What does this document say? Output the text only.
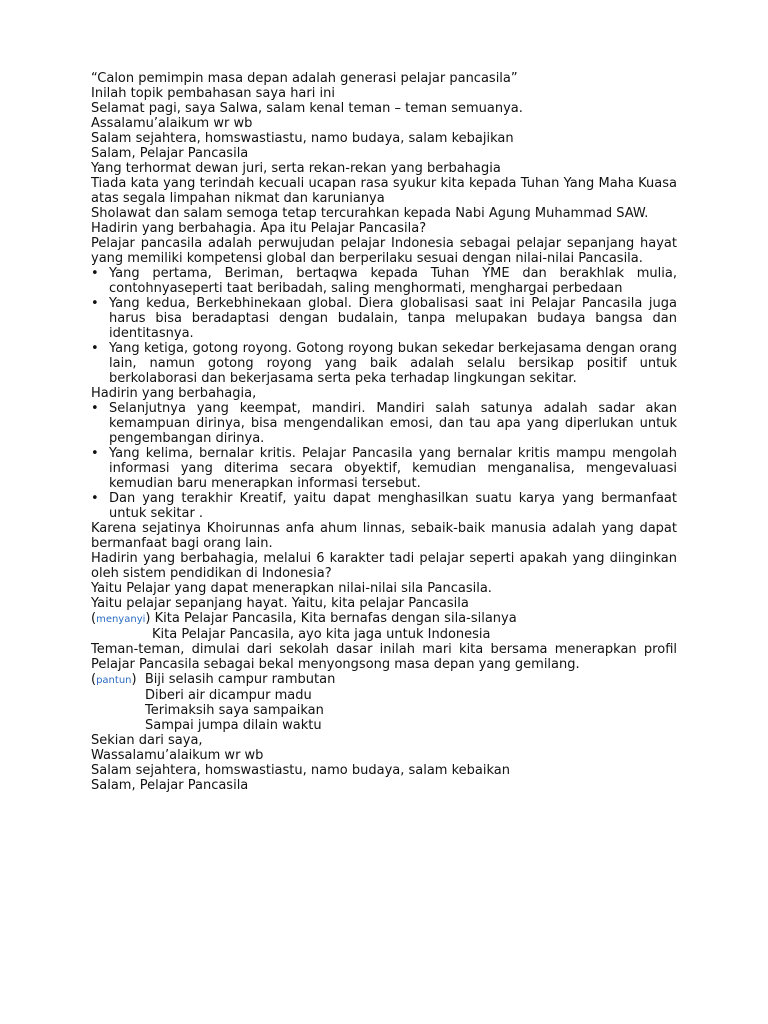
“Calon pemimpin masa depan adalah generasi pelajar pancasila”

Inilah topik pembahasan saya hari ini

Selamat pagi, saya Salwa, salam kenal teman – teman semuanya.

Assalamu’alaikum wr wb

Salam sejahtera, homswastiastu, namo budaya, salam kebajikan

Salam, Pelajar Pancasila

Yang terhormat dewan juri, serta rekan-rekan yang berbahagia

Tiada kata yang terindah kecuali ucapan rasa syukur kita kepada Tuhan Yang Maha Kuasa atas segala limpahan nikmat dan karunianya

Sholawat dan salam semoga tetap tercurahkan kepada Nabi Agung Muhammad SAW.

Hadirin yang berbahagia. Apa itu Pelajar Pancasila?

Pelajar pancasila adalah perwujudan pelajar Indonesia sebagai pelajar sepanjang hayat yang memiliki kompetensi global dan berperilaku sesuai dengan nilai-nilai Pancasila.

• Yang pertama, Beriman, bertaqwa kepada Tuhan YME dan berakhlak mulia, contohnyaseperti taat beribadah, saling menghormati, menghargai perbedaan
• Yang kedua, Berkebhinekaan global. Diera globalisasi saat ini Pelajar Pancasila juga harus bisa beradaptasi dengan budalain, tanpa melupakan budaya bangsa dan identitasnya.
• Yang ketiga, gotong royong. Gotong royong bukan sekedar berkejasama dengan orang lain, namun gotong royong yang baik adalah selalu bersikap positif untuk berkolaborasi dan bekerjasama serta peka terhadap lingkungan sekitar.

Hadirin yang berbahagia,

• Selanjutnya yang keempat, mandiri. Mandiri salah satunya adalah sadar akan kemampuan dirinya, bisa mengendalikan emosi, dan tau apa yang diperlukan untuk pengembangan dirinya.
• Yang kelima, bernalar kritis. Pelajar Pancasila yang bernalar kritis mampu mengolah informasi yang diterima secara obyektif, kemudian menganalisa, mengevaluasi kemudian baru menerapkan informasi tersebut.
• Dan yang terakhir Kreatif, yaitu dapat menghasilkan suatu karya yang bermanfaat untuk sekitar .

Karena sejatinya Khoirunnas anfa ahum linnas, sebaik-baik manusia adalah yang dapat bermanfaat bagi orang lain.

Hadirin yang berbahagia, melalui 6 karakter tadi pelajar seperti apakah yang diinginkan oleh sistem pendidikan di Indonesia?

Yaitu Pelajar yang dapat menerapkan nilai-nilai sila Pancasila.

Yaitu pelajar sepanjang hayat. Yaitu, kita pelajar Pancasila

(menyanyi) Kita Pelajar Pancasila, Kita bernafas dengan sila-silanya

Kita Pelajar Pancasila, ayo kita jaga untuk Indonesia

Teman-teman, dimulai dari sekolah dasar inilah mari kita bersama menerapkan profil Pelajar Pancasila sebagai bekal menyongsong masa depan yang gemilang.

(pantun)  Biji selasih campur rambutan

Diberi air dicampur madu

Terimaksih saya sampaikan

Sampai jumpa dilain waktu

Sekian dari saya,

Wassalamu’alaikum wr wb

Salam sejahtera, homswastiastu, namo budaya, salam kebaikan

Salam, Pelajar Pancasila
